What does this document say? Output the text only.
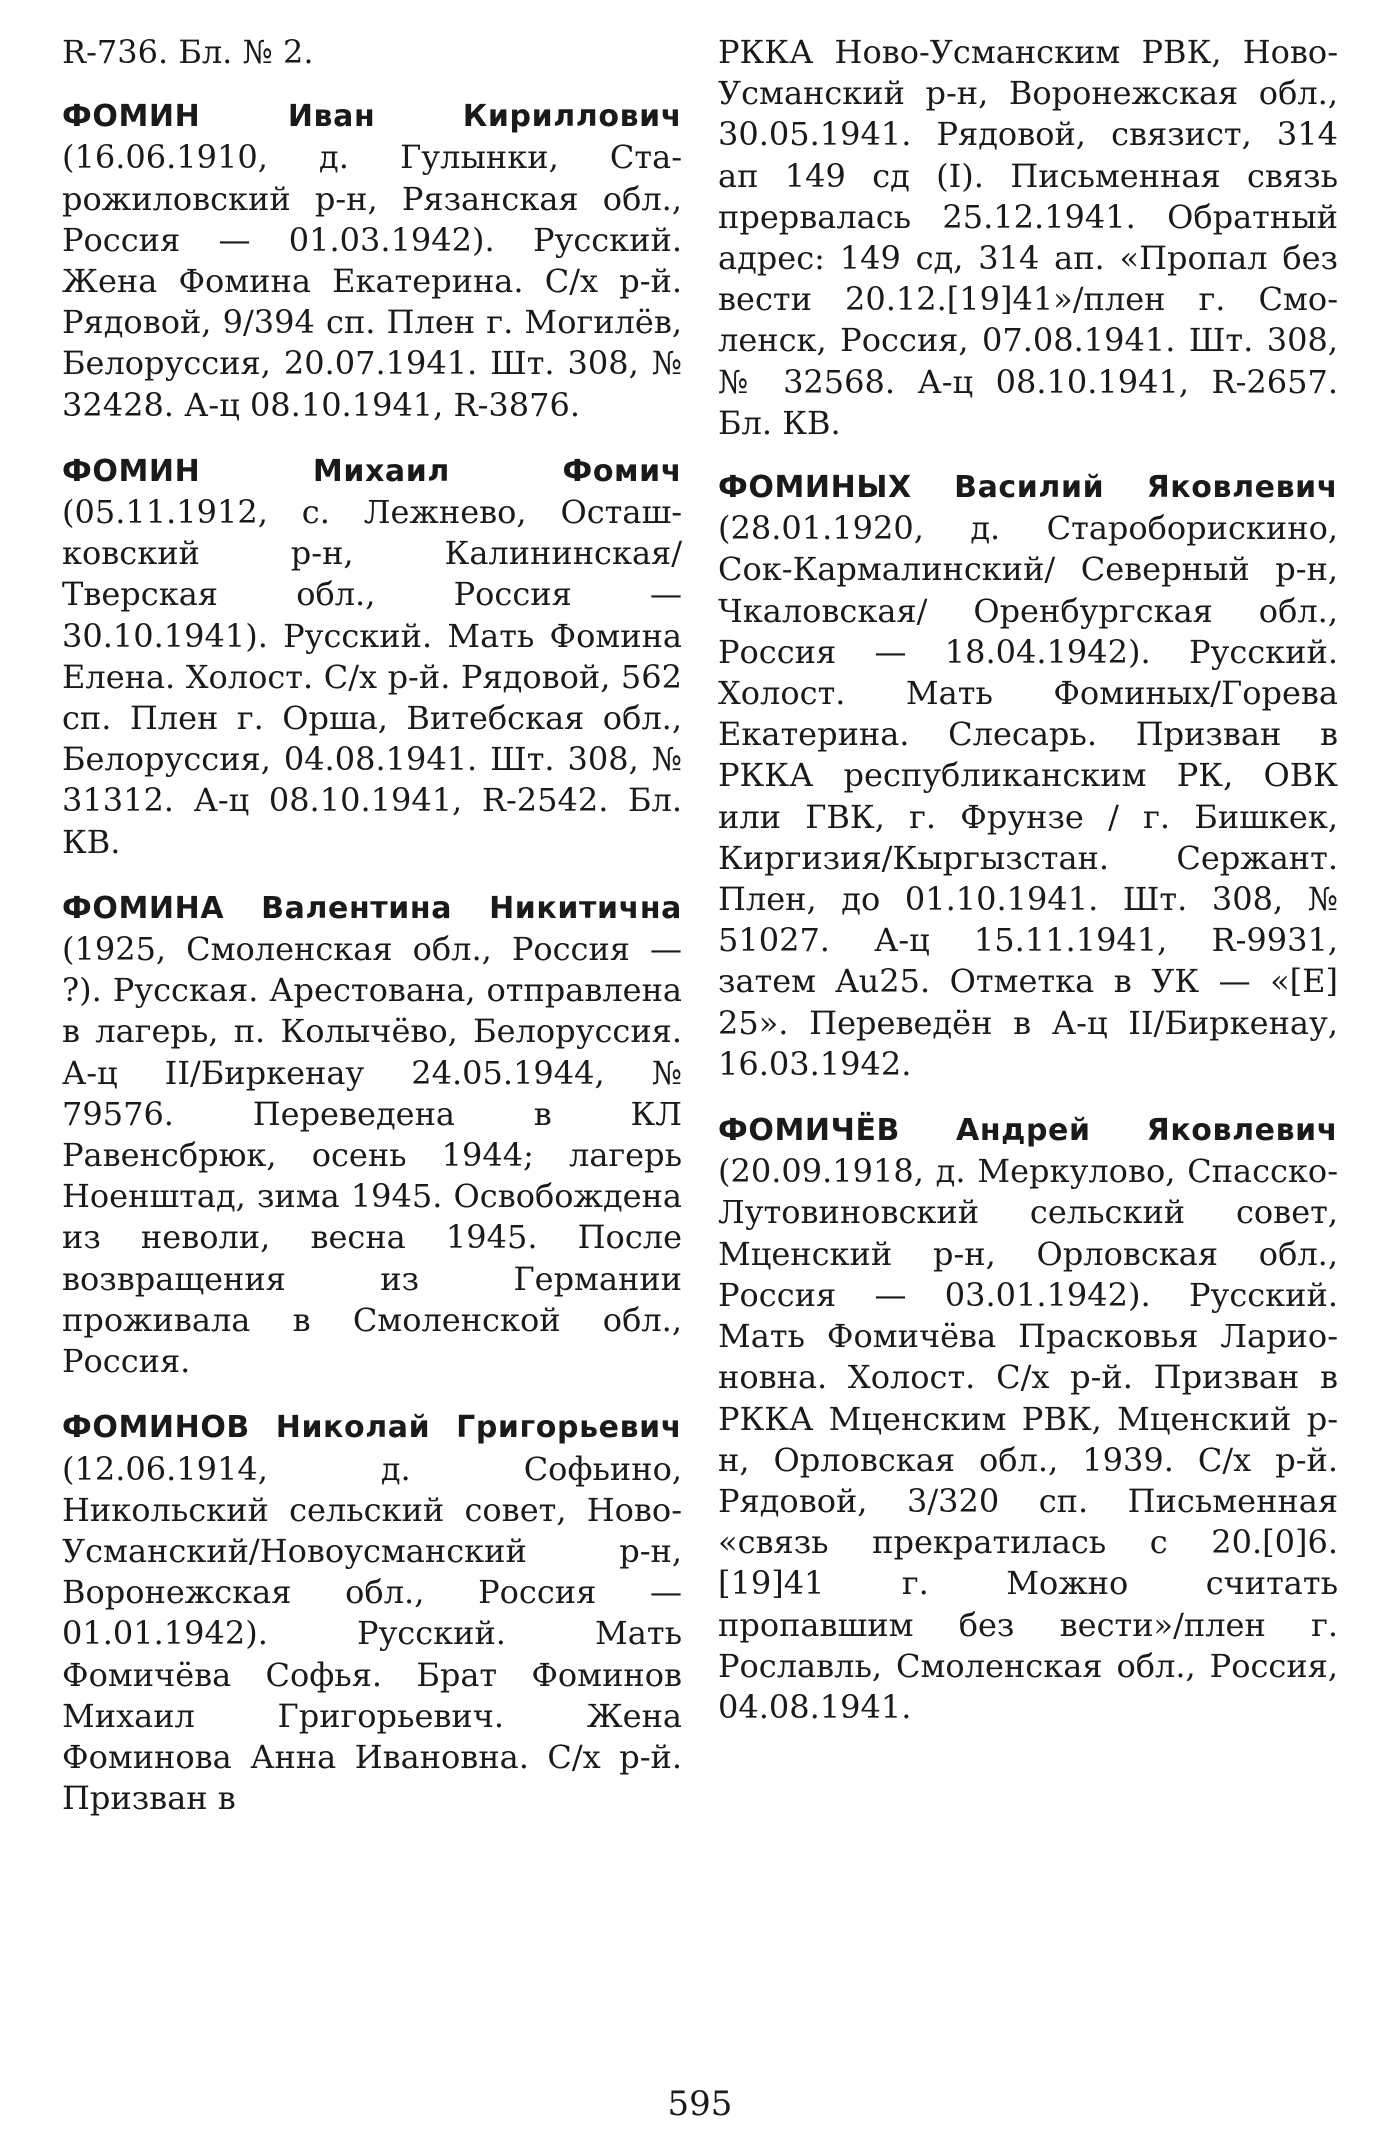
R-736. Бл. № 2.

ФОМИН Иван Кириллович (16.06.1910, д. Гулынки, Старожиловский р-н, Рязанская обл., Россия — 01.03.1942). Русский. Жена Фомина Екатерина. С/х р-й. Рядовой, 9/394 сп. Плен г. Могилёв, Белоруссия, 20.07.1941. Шт. 308, № 32428. А-ц 08.10.1941, R-3876.

ФОМИН Михаил Фомич (05.11.1912, с. Лежнево, Осташковский р-н, Калининская/ Тверская обл., Россия — 30.10.1941). Русский. Мать Фомина Елена. Холост. С/х р-й. Рядовой, 562 сп. Плен г. Орша, Витебская обл., Белоруссия, 04.08.1941. Шт. 308, № 31312. А-ц 08.10.1941, R-2542. Бл. КВ.

ФОМИНА Валентина Никитична (1925, Смоленская обл., Россия — ?). Русская. Арестована, отправлена в лагерь, п. Колычёво, Белоруссия. А-ц II/Биркенау 24.05.1944, № 79576. Переведена в КЛ Равенсбрюк, осень 1944; лагерь Ноенштад, зима 1945. Освобождена из неволи, весна 1945. После возвращения из Германии проживала в Смоленской обл., Россия.

ФОМИНОВ Николай Григорьевич (12.06.1914, д. Софьино, Никольский сельский совет, Ново-Усманский/Новоусманский р-н, Воронежская обл., Россия — 01.01.1942). Русский. Мать Фомичёва Софья. Брат Фоминов Михаил Григорьевич. Жена Фоминова Анна Ивановна. С/х р-й. Призван в

РККА Ново-Усманским РВК, Ново-Усманский р-н, Воронежская обл., 30.05.1941. Рядовой, связист, 314 ап 149 сд (I). Письменная связь прервалась 25.12.1941. Обратный адрес: 149 сд, 314 ап. «Пропал без вести 20.12.[19]41»/плен г. Смоленск, Россия, 07.08.1941. Шт. 308, № 32568. А-ц 08.10.1941, R-2657. Бл. КВ.

ФОМИНЫХ Василий Яковлевич (28.01.1920, д. Староборискино, Сок-Кармалинский/ Северный р-н, Чкаловская/ Оренбургская обл., Россия — 18.04.1942). Русский. Холост. Мать Фоминых/Горева Екатерина. Слесарь. Призван в РККА республиканским РК, ОВК или ГВК, г. Фрунзе / г. Бишкек, Киргизия/Кыргызстан. Сержант. Плен, до 01.10.1941. Шт. 308, № 51027. А-ц 15.11.1941, R-9931, затем Au25. Отметка в УК — «[E] 25». Переведён в А-ц II/Биркенау, 16.03.1942.

ФОМИЧЁВ Андрей Яковлевич (20.09.1918, д. Меркулово, Спасско-Лутовиновский сельский совет, Мценский р-н, Орловская обл., Россия — 03.01.1942). Русский. Мать Фомичёва Прасковья Ларионовна. Холост. С/х р-й. Призван в РККА Мценским РВК, Мценский р-н, Орловская обл., 1939. С/х р-й. Рядовой, 3/320 сп. Письменная «связь прекратилась с 20.[0]6.[19]41 г. Можно считать пропавшим без вести»/плен г. Рославль, Смоленская обл., Россия, 04.08.1941.

595
